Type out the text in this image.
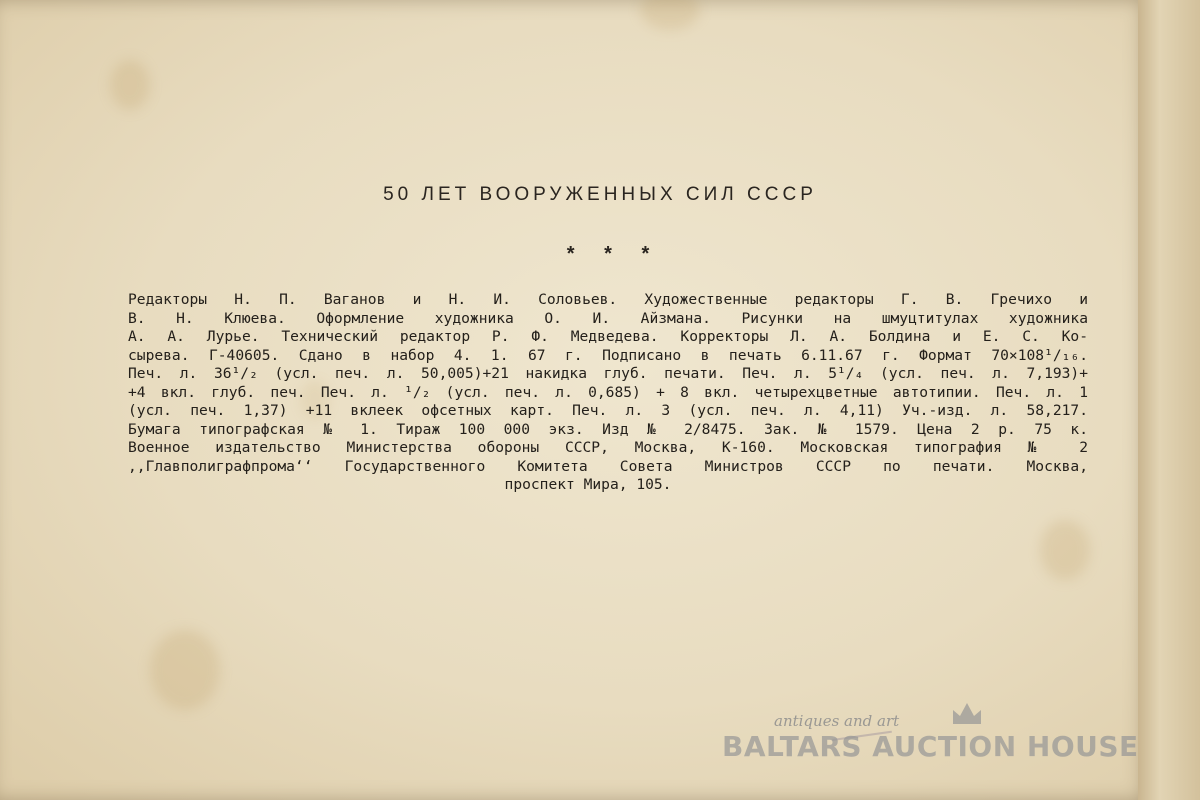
50 ЛЕТ ВООРУЖЕННЫХ СИЛ СССР
* * *
Редакторы Н. П. Ваганов и Н. И. Соловьев. Художественные редакторы Г. В. Гречихо и
В. Н. Клюева. Оформление художника О. И. Айзмана. Рисунки на шмуцтитулах художника
А. А. Лурье. Технический редактор Р. Ф. Медведева. Корректоры Л. А. Болдина и Е. С. Ко-
сырева. Г-40605. Сдано в набор 4. 1. 67 г. Подписано в печать 6.11.67 г. Формат 70×108¹/₁₆.
Печ. л. 36¹/₂ (усл. печ. л. 50,005)+21 накидка глуб. печати. Печ. л. 5¹/₄ (усл. печ. л. 7,193)+
+4 вкл. глуб. печ. Печ. л. ¹/₂ (усл. печ. л. 0,685) + 8 вкл. четырехцветные автотипии. Печ. л. 1
(усл. печ. 1,37) +11 вклеек офсетных карт. Печ. л. 3 (усл. печ. л. 4,11) Уч.-изд. л. 58,217.
Бумага типографская № 1. Тираж 100 000 экз. Изд № 2/8475. Зак. № 1579. Цена 2 р. 75 к.
Военное издательство Министерства обороны СССР, Москва, К-160. Московская типография № 2
,,Главполиграфпрома‘‘ Государственного Комитета Совета Министров СССР по печати. Москва,
проспект Мира, 105.
antiques and art
BALTARS AUCTION HOUSE
